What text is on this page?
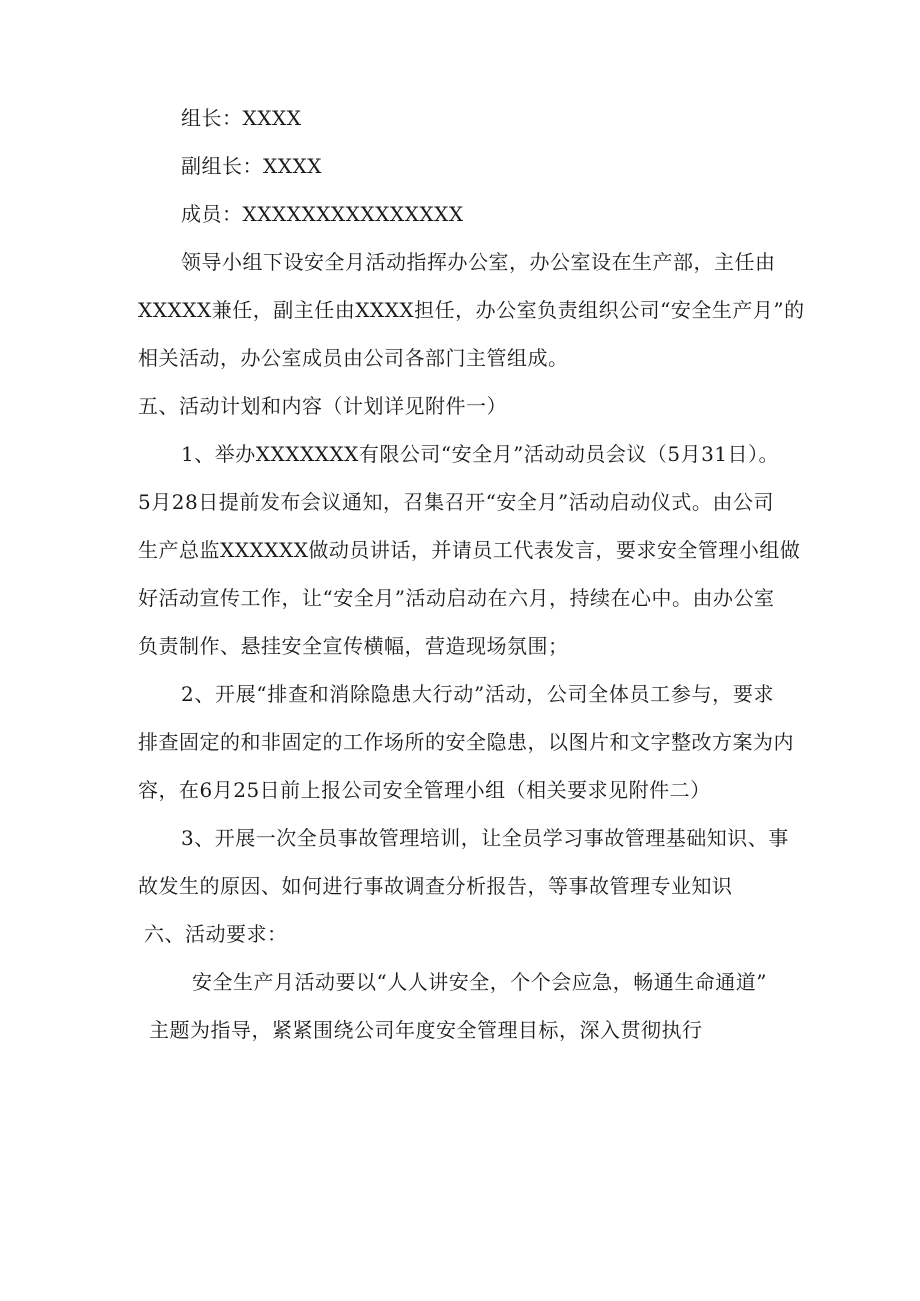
组长：XXXX
副组长：XXXX
成员：XXXXXXXXXXXXXXX
领导小组下设安全月活动指挥办公室，办公室设在生产部，主任由
XXXXX兼任，副主任由XXXX担任，办公室负责组织公司“安全生产月”的
相关活动，办公室成员由公司各部门主管组成。
五、活动计划和内容（计划详见附件一）
1、举办XXXXXXX有限公司“安全月”活动动员会议（5月31日）。
5月28日提前发布会议通知，召集召开“安全月”活动启动仪式。由公司
生产总监XXXXXX做动员讲话，并请员工代表发言，要求安全管理小组做
好活动宣传工作，让“安全月”活动启动在六月，持续在心中。由办公室
负责制作、悬挂安全宣传横幅，营造现场氛围；
2、开展“排查和消除隐患大行动”活动，公司全体员工参与，要求
排查固定的和非固定的工作场所的安全隐患，以图片和文字整改方案为内
容，在6月25日前上报公司安全管理小组（相关要求见附件二）
3、开展一次全员事故管理培训，让全员学习事故管理基础知识、事
故发生的原因、如何进行事故调查分析报告，等事故管理专业知识
六、活动要求：
安全生产月活动要以“人人讲安全，个个会应急，畅通生命通道”
主题为指导，紧紧围绕公司年度安全管理目标，深入贯彻执行
